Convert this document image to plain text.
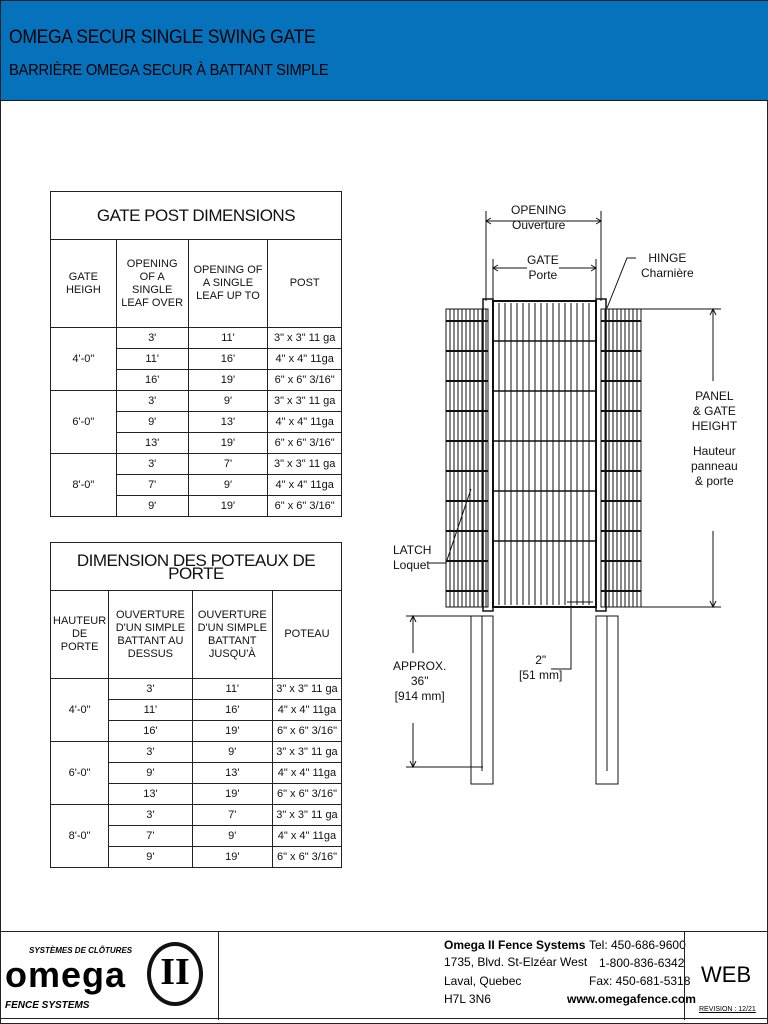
OMEGA SECUR SINGLE SWING GATE
BARRIÈRE OMEGA SECUR À BATTANT SIMPLE
GATE POST DIMENSIONS			
GATE HEIGH	OPENING OF A SINGLE LEAF OVER	OPENING OF A SINGLE LEAF UP TO	POST
4'-0"	3'	11'	3" x 3" 11 ga
	11'	16'	4" x 4" 11ga
	16'	19'	6" x 6" 3/16"
6'-0"	3'	9'	3" x 3" 11 ga
	9'	13'	4" x 4" 11ga
	13'	19'	6" x 6" 3/16"
8'-0"	3'	7'	3" x 3" 11 ga
	7'	9'	4" x 4" 11ga
	9'	19'	6" x 6" 3/16"
DIMENSION DES POTEAUX DE PORTE			
HAUTEUR DE PORTE	OUVERTURE D'UN SIMPLE BATTANT AU DESSUS	OUVERTURE D'UN SIMPLE BATTANT JUSQU'À	POTEAU
4'-0"	3'	11'	3" x 3" 11 ga
	11'	16'	4" x 4" 11ga
	16'	19'	6" x 6" 3/16"
6'-0"	3'	9'	3" x 3" 11 ga
	9'	13'	4" x 4" 11ga
	13'	19'	6" x 6" 3/16"
8'-0"	3'	7'	3" x 3" 11 ga
	7'	9'	4" x 4" 11ga
	9'	19'	6" x 6" 3/16"
OPENING
Ouverture
GATE
Porte
HINGE
Charnière
PANEL
& GATE
HEIGHT
Hauteur
panneau
& porte
LATCH
Loquet
APPROX.
36"
[914 mm]
2"
[51 mm]
SYSTÈMES DE CLÔTURES
omega II
FENCE SYSTEMS
Omega II Fence Systems
1735, Blvd. St-Elzéar West
Laval, Quebec
H7L 3N6
Tel: 450-686-9600
1-800-836-6342
Fax: 450-681-5318
www.omegafence.com
WEB
REVISION : 12/21
